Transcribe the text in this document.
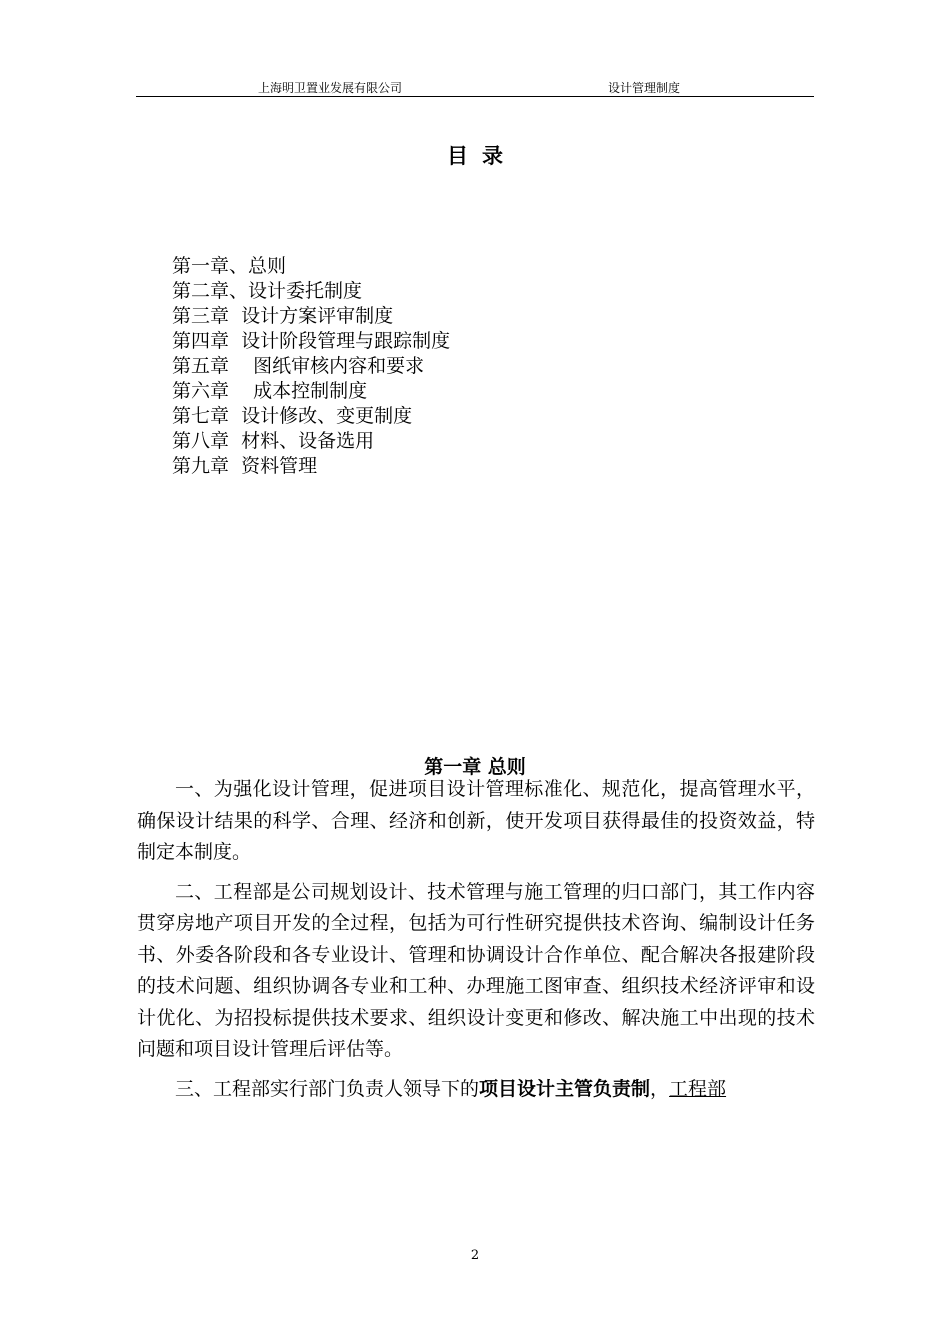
上海明卫置业发展有限公司	设计管理制度
目录
第一章、总则
第二章、设计委托制度
第三章  设计方案评审制度
第四章  设计阶段管理与跟踪制度
第五章    图纸审核内容和要求
第六章    成本控制制度
第七章  设计修改、变更制度
第八章  材料、设备选用
第九章  资料管理
第一章 总则

一、为强化设计管理，促进项目设计管理标准化、规范化，提高管理水平，确保设计结果的科学、合理、经济和创新，使开发项目获得最佳的投资效益，特制定本制度。

二、工程部是公司规划设计、技术管理与施工管理的归口部门，其工作内容贯穿房地产项目开发的全过程，包括为可行性研究提供技术咨询、编制设计任务书、外委各阶段和各专业设计、管理和协调设计合作单位、配合解决各报建阶段的技术问题、组织协调各专业和工种、办理施工图审查、组织技术经济评审和设计优化、为招投标提供技术要求、组织设计变更和修改、解决施工中出现的技术问题和项目设计管理后评估等。

三、工程部实行部门负责人领导下的项目设计主管负责制，工程部

2
